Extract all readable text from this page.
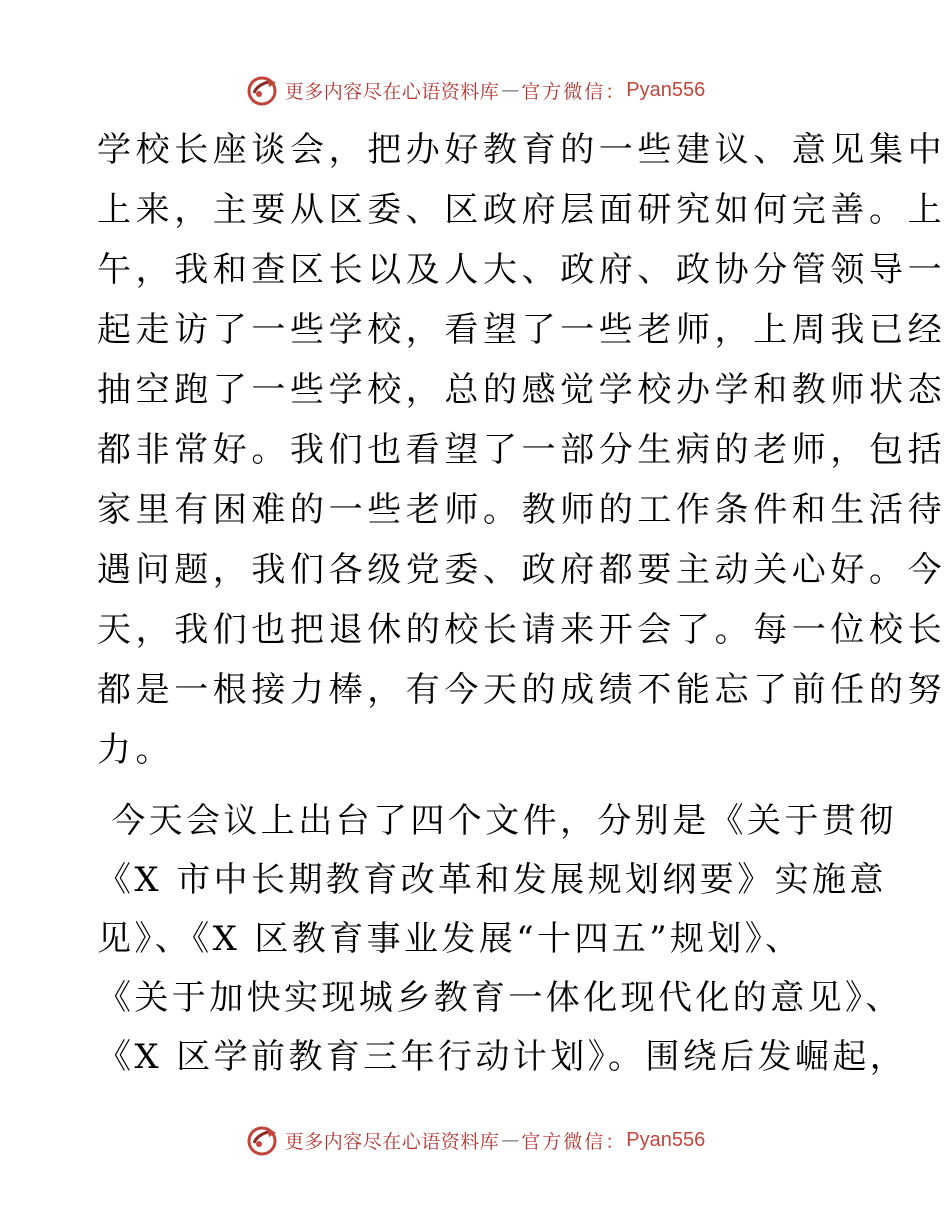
更多内容尽在心语资料库 — 官方微信： Pyan556
学校长座谈会，把办好教育的一些建议、意见集中
上来，主要从区委、区政府层面研究如何完善。上
午，我和查区长以及人大、政府、政协分管领导一
起走访了一些学校，看望了一些老师，上周我已经
抽空跑了一些学校，总的感觉学校办学和教师状态
都非常好。我们也看望了一部分生病的老师，包括
家里有困难的一些老师。教师的工作条件和生活待
遇问题，我们各级党委、政府都要主动关心好。今
天，我们也把退休的校长请来开会了。每一位校长
都是一根接力棒，有今天的成绩不能忘了前任的努
力。
今天会议上出台了四个文件，分别是《关于贯彻
《X 市中长期教育改革和发展规划纲要》实施意
见》、《X 区教育事业发展“十四五”规划》、
《关于加快实现城乡教育一体化现代化的意见》、
《X 区学前教育三年行动计划》。围绕后发崛起，
更多内容尽在心语资料库 — 官方微信： Pyan556
